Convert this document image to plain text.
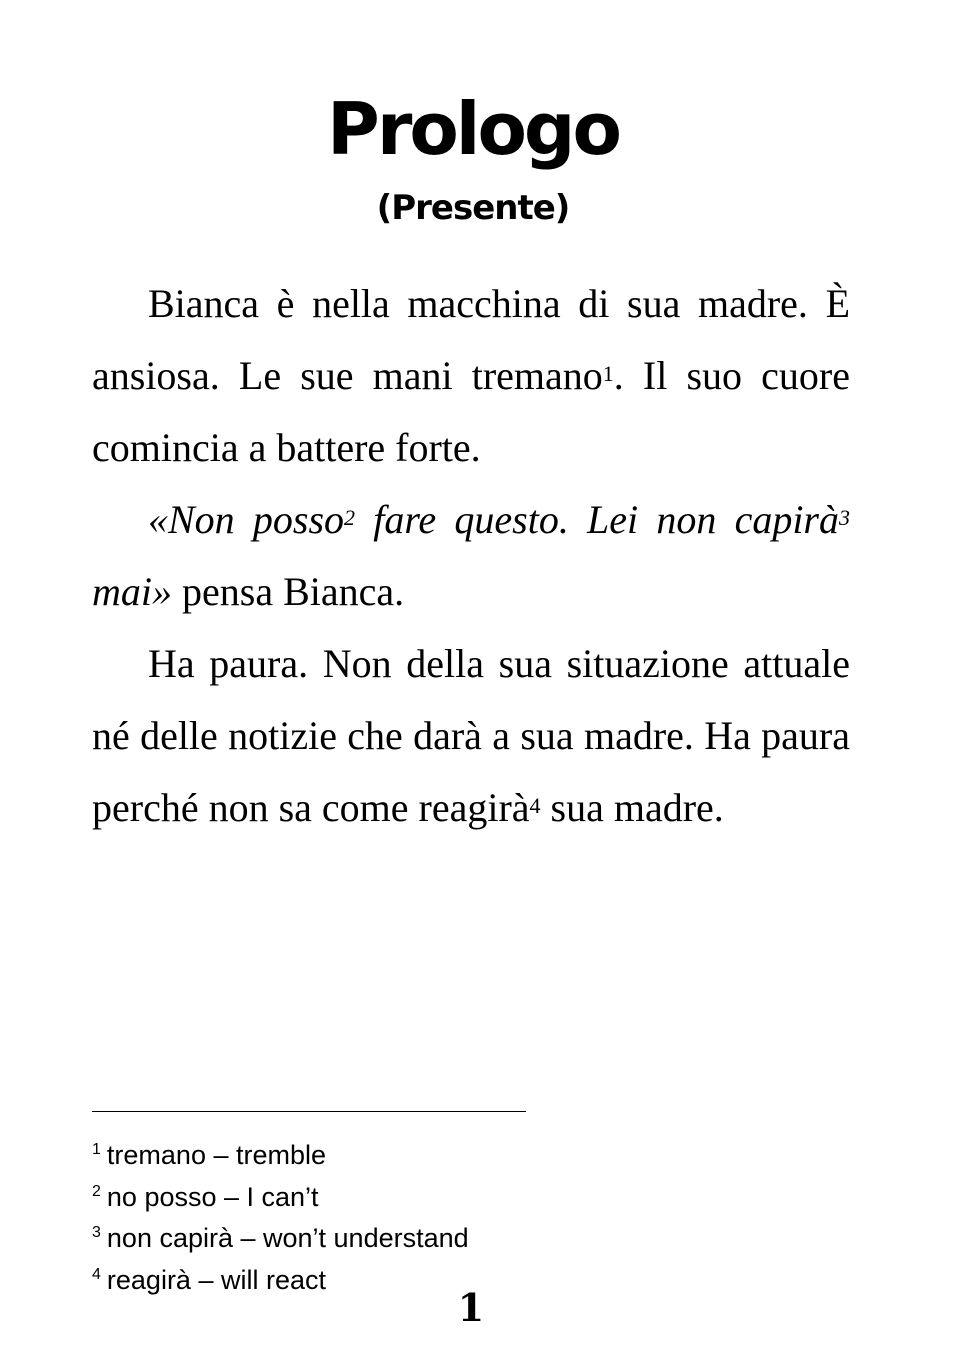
Prologo
(Presente)

Bianca è nella macchina di sua madre. È ansiosa. Le sue mani tremano$^1$. Il suo cuore comincia a battere forte.

«Non posso$^2$ fare questo. Lei non capirà$^3$ mai» pensa Bianca.

Ha paura. Non della sua situazione attuale né delle notizie che darà a sua madre. Ha paura perché non sa come reagirà$^4$ sua madre.

$^1$ tremano – tremble
$^2$ no posso – I can’t
$^3$ non capirà – won’t understand
$^4$ reagirà – will react
1
